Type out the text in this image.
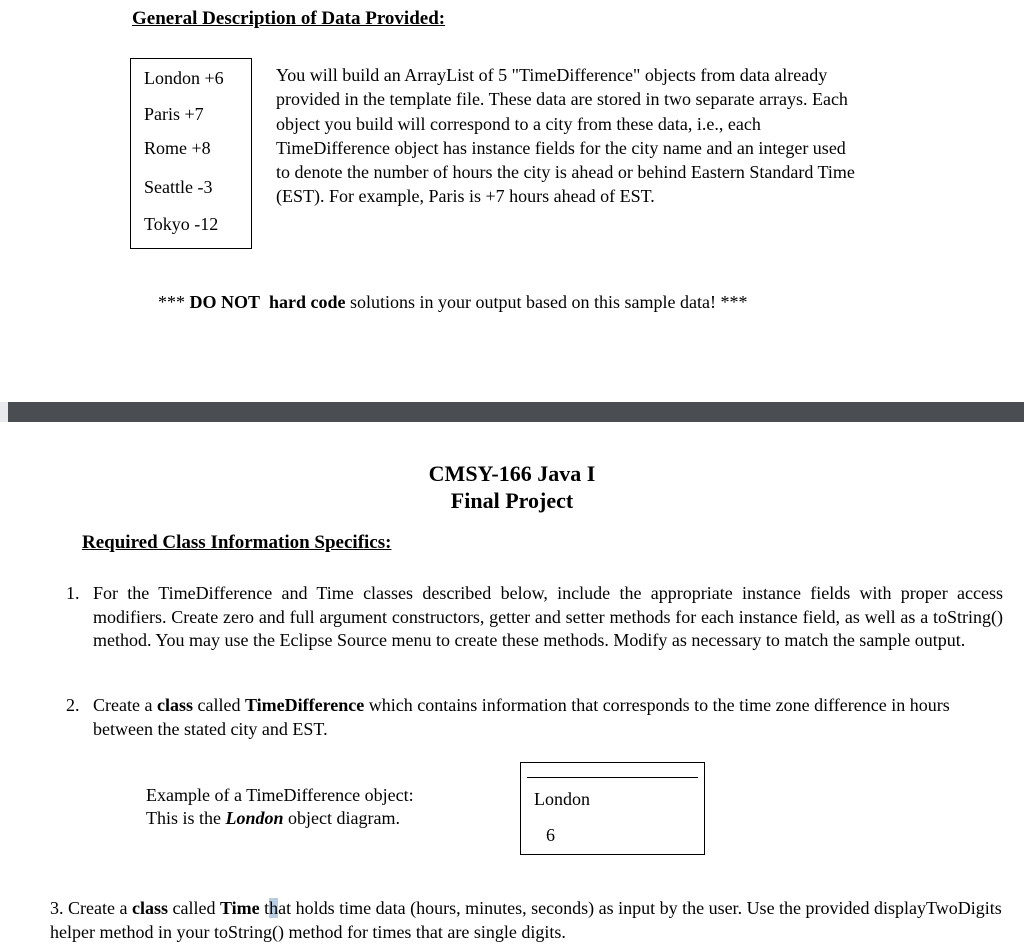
General Description of Data Provided:
London +6
Paris +7
Rome +8
Seattle -3
Tokyo -12
You will build an ArrayList of 5 "TimeDifference" objects from data already provided in the template file. These data are stored in two separate arrays. Each object you build will correspond to a city from these data, i.e., each TimeDifference object has instance fields for the city name and an integer used to denote the number of hours the city is ahead or behind Eastern Standard Time (EST). For example, Paris is +7 hours ahead of EST.
*** DO NOT hard code solutions in your output based on this sample data! ***
CMSY-166 Java I
Final Project
Required Class Information Specifics:
1. For the TimeDifference and Time classes described below, include the appropriate instance fields with proper access modifiers. Create zero and full argument constructors, getter and setter methods for each instance field, as well as a toString() method. You may use the Eclipse Source menu to create these methods. Modify as necessary to match the sample output.
2. Create a class called TimeDifference which contains information that corresponds to the time zone difference in hours between the stated city and EST.
Example of a TimeDifference object:
This is the London object diagram.
London
6
3. Create a class called Time that holds time data (hours, minutes, seconds) as input by the user. Use the provided displayTwoDigits helper method in your toString() method for times that are single digits.
